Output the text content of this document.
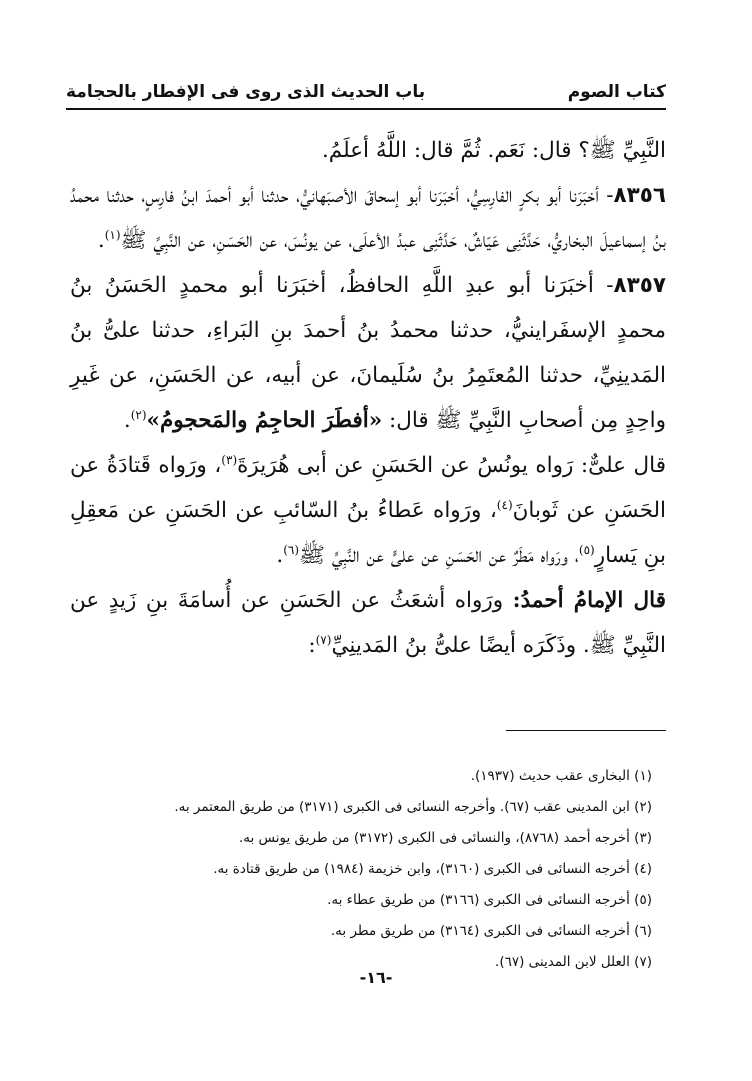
كتاب الصوم
باب الحديث الذى روى فى الإفطار بالحجامة

النَّبِيِّ ﷺ؟ قال: نَعَم. ثُمَّ قال: اللَّهُ أعلَمُ.

٨٣٥٦- أخبَرَنا أبو بكرٍ الفارِسِيُّ، أخبَرَنا أبو إسحاقَ الأصبَهانيُّ، حدثنا أبو أحمدَ ابنُ فارِسٍ، حدثنا محمدُ بنُ إسماعيلَ البخاريُّ، حَدَّثَنِى عَيّاشٌ، حَدَّثَنِى عبدُ الأعلَى، عن يونُسَ، عن الحَسَنِ، عن النَّبِيِّ ﷺ$^{(١)}$.

٨٣٥٧- أخبَرَنا أبو عبدِ اللَّهِ الحافظُ، أخبَرَنا أبو محمدٍ الحَسَنُ بنُ محمدٍ الإسفَراينيُّ، حدثنا محمدُ بنُ أحمدَ بنِ البَراءِ، حدثنا علىُّ بنُ المَدينِيِّ، حدثنا المُعتَمِرُ بنُ سُلَيمانَ، عن أبيه، عن الحَسَنِ، عن غَيرِ واحِدٍ مِن أصحابِ النَّبِيِّ ﷺ قال: «أفطَرَ الحاجِمُ والمَحجومُ»$^{(٢)}$.

قال علىٌّ: رَواه يونُسُ عن الحَسَنِ عن أبى هُرَيرَةَ$^{(٣)}$، ورَواه قَتادَةُ عن الحَسَنِ عن ثَوبانَ$^{(٤)}$، ورَواه عَطاءُ بنُ السّائبِ عن الحَسَنِ عن مَعقِلِ بنِ يَسارٍ$^{(٥)}$، ورَواه مَطَرٌ عن الحَسَنِ عن علىٍّ عن النَّبِيِّ ﷺ$^{(٦)}$.

قال الإمامُ أحمدُ: ورَواه أشعَثُ عن الحَسَنِ عن أُسامَةَ بنِ زَيدٍ عن النَّبِيِّ ﷺ. وذَكَرَه أيضًا علىُّ بنُ المَدينِيِّ$^{(٧)}$:

(١) البخارى عقب حديث (١٩٣٧).
(٢) ابن المدينى عقب (٦٧). وأخرجه النسائى فى الكبرى (٣١٧١) من طريق المعتمر به.
(٣) أخرجه أحمد (٨٧٦٨)، والنسائى فى الكبرى (٣١٧٢) من طريق يونس به.
(٤) أخرجه النسائى فى الكبرى (٣١٦٠)، وابن خزيمة (١٩٨٤) من طريق قتادة به.
(٥) أخرجه النسائى فى الكبرى (٣١٦٦) من طريق عطاء به.
(٦) أخرجه النسائى فى الكبرى (٣١٦٤) من طريق مطر به.
(٧) العلل لابن المدينى (٦٧).
-١٦-
